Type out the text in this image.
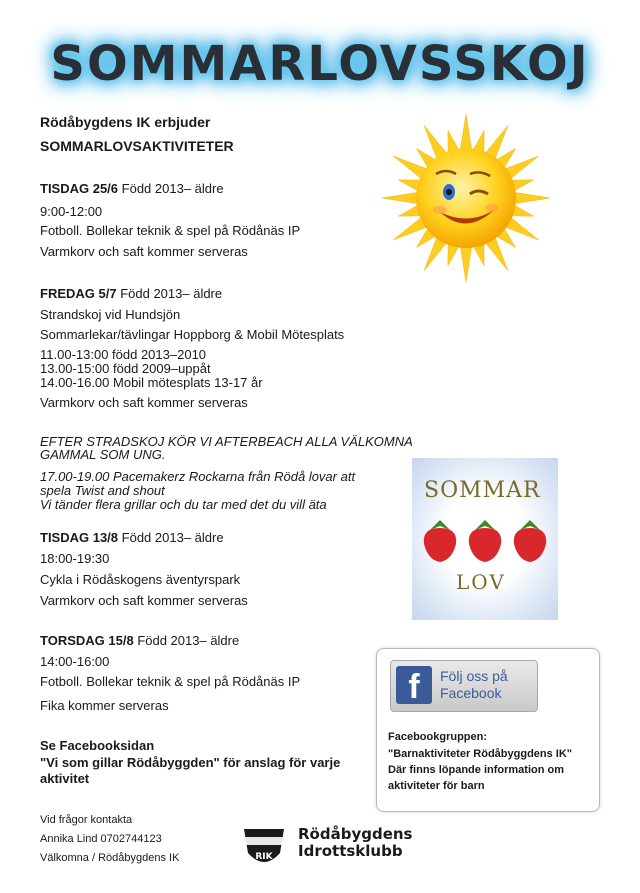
SOMMARLOVSSKOJ
Rödåbygdens IK erbjuder
SOMMARLOVSAKTIVITETER
TISDAG 25/6 Född 2013– äldre
9:00-12:00
Fotboll. Bollekar teknik & spel på Rödånäs IP
Varmkorv och saft kommer serveras
FREDAG 5/7 Född 2013– äldre
Strandskoj vid Hundsjön
Sommarlekar/tävlingar Hoppborg & Mobil Mötesplats
11.00-13:00 född 2013–2010
13.00-15:00 född 2009–uppåt
14.00-16.00 Mobil mötesplats 13-17 år
Varmkorv och saft kommer serveras
EFTER STRADSKOJ KÖR VI AFTERBEACH ALLA VÄLKOMNA
GAMMAL SOM UNG.
17.00-19.00 Pacemakerz Rockarna från Rödå lovar att
spela Twist and shout
Vi tänder flera grillar och du tar med det du vill äta
TISDAG 13/8 Född 2013– äldre
18:00-19:30
Cykla i Rödåskogens äventyrspark
Varmkorv och saft kommer serveras
TORSDAG 15/8 Född 2013– äldre
14:00-16:00
Fotboll. Bollekar teknik & spel på Rödånäs IP
Fika kommer serveras
Se Facebooksidan
"Vi som gillar Rödåbyggden" för anslag för varje
aktivitet
Vid frågor kontakta
Annika Lind 0702744123
Välkomna / Rödåbygdens IK	RIK
Rödåbygdens
Idrottsklubb
SOMMAR
LOV
f	Följ oss på
Facebook
Facebookgruppen:
"Barnaktiviteter Rödåbyggdens IK"
Där finns löpande information om
aktiviteter för barn
